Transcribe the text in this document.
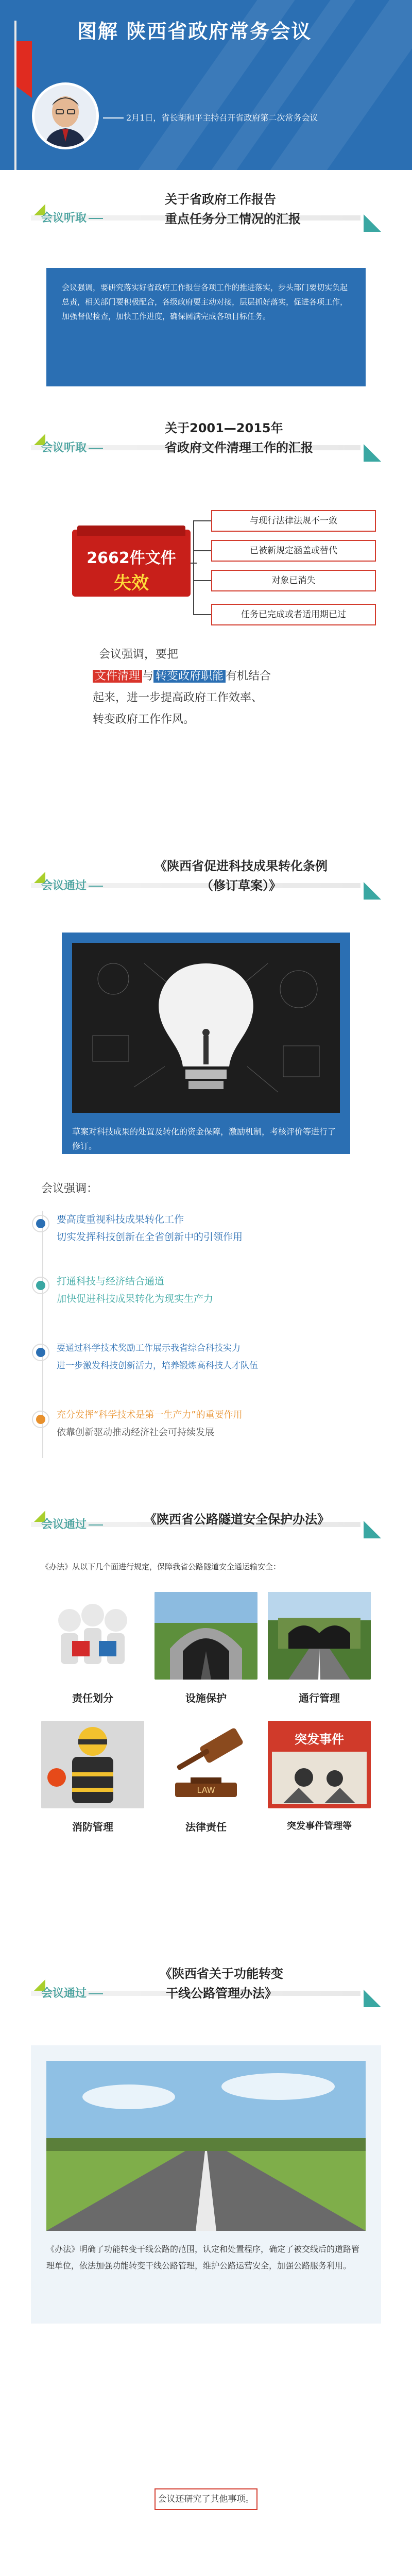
图解 陕西省政府常务会议
2月1日，省长胡和平主持召开省政府第二次常务会议
会议听取
关于省政府工作报告
重点任务分工情况的汇报
会议强调，要研究落实好省政府工作报告各项工作的推进落实，步头部门要切实负起总责，相关部门要积极配合，各级政府要主动对接，层层抓好落实，促进各项工作，加强督促检查，加快工作进度，确保圆满完成各项目标任务。
会议听取
关于2001—2015年
省政府文件清理工作的汇报
2662件文件
失效
与现行法律法规不一致
已被新规定涵盖或替代
对象已消失
任务已完成或者适用期已过
会议强调，要把
文件清理 与 转变政府职能 有机结合
起来，进一步提高政府工作效率、
转变政府工作作风。
会议通过
《陕西省促进科技成果转化条例
（修订草案）》
草案对科技成果的处置及转化的资金保障，激励机制，考核评价等进行了修订。
会议强调：
要高度重视科技成果转化工作
切实发挥科技创新在全省创新中的引领作用
打通科技与经济结合通道
加快促进科技成果转化为现实生产力
要通过科学技术奖励工作展示我省综合科技实力
进一步激发科技创新活力，培养锻炼高科技人才队伍
充分发挥“科学技术是第一生产力”的重要作用
依靠创新驱动推动经济社会可持续发展
会议通过	《陕西省公路隧道安全保护办法》
《办法》从以下几个面进行规定，保障我省公路隧道安全通运输安全：
责任划分	设施保护	通行管理
消防管理
LAW
法律责任
突发事件
突发事件管理等
会议通过
《陕西省关于功能转变
干线公路管理办法》
《办法》明确了功能转变干线公路的范围，认定和处置程序，确定了被交线后的道路管理单位，依法加强功能转变干线公路管理，维护公路运营安全，加强公路服务利用。
会议还研究了其他事项。
